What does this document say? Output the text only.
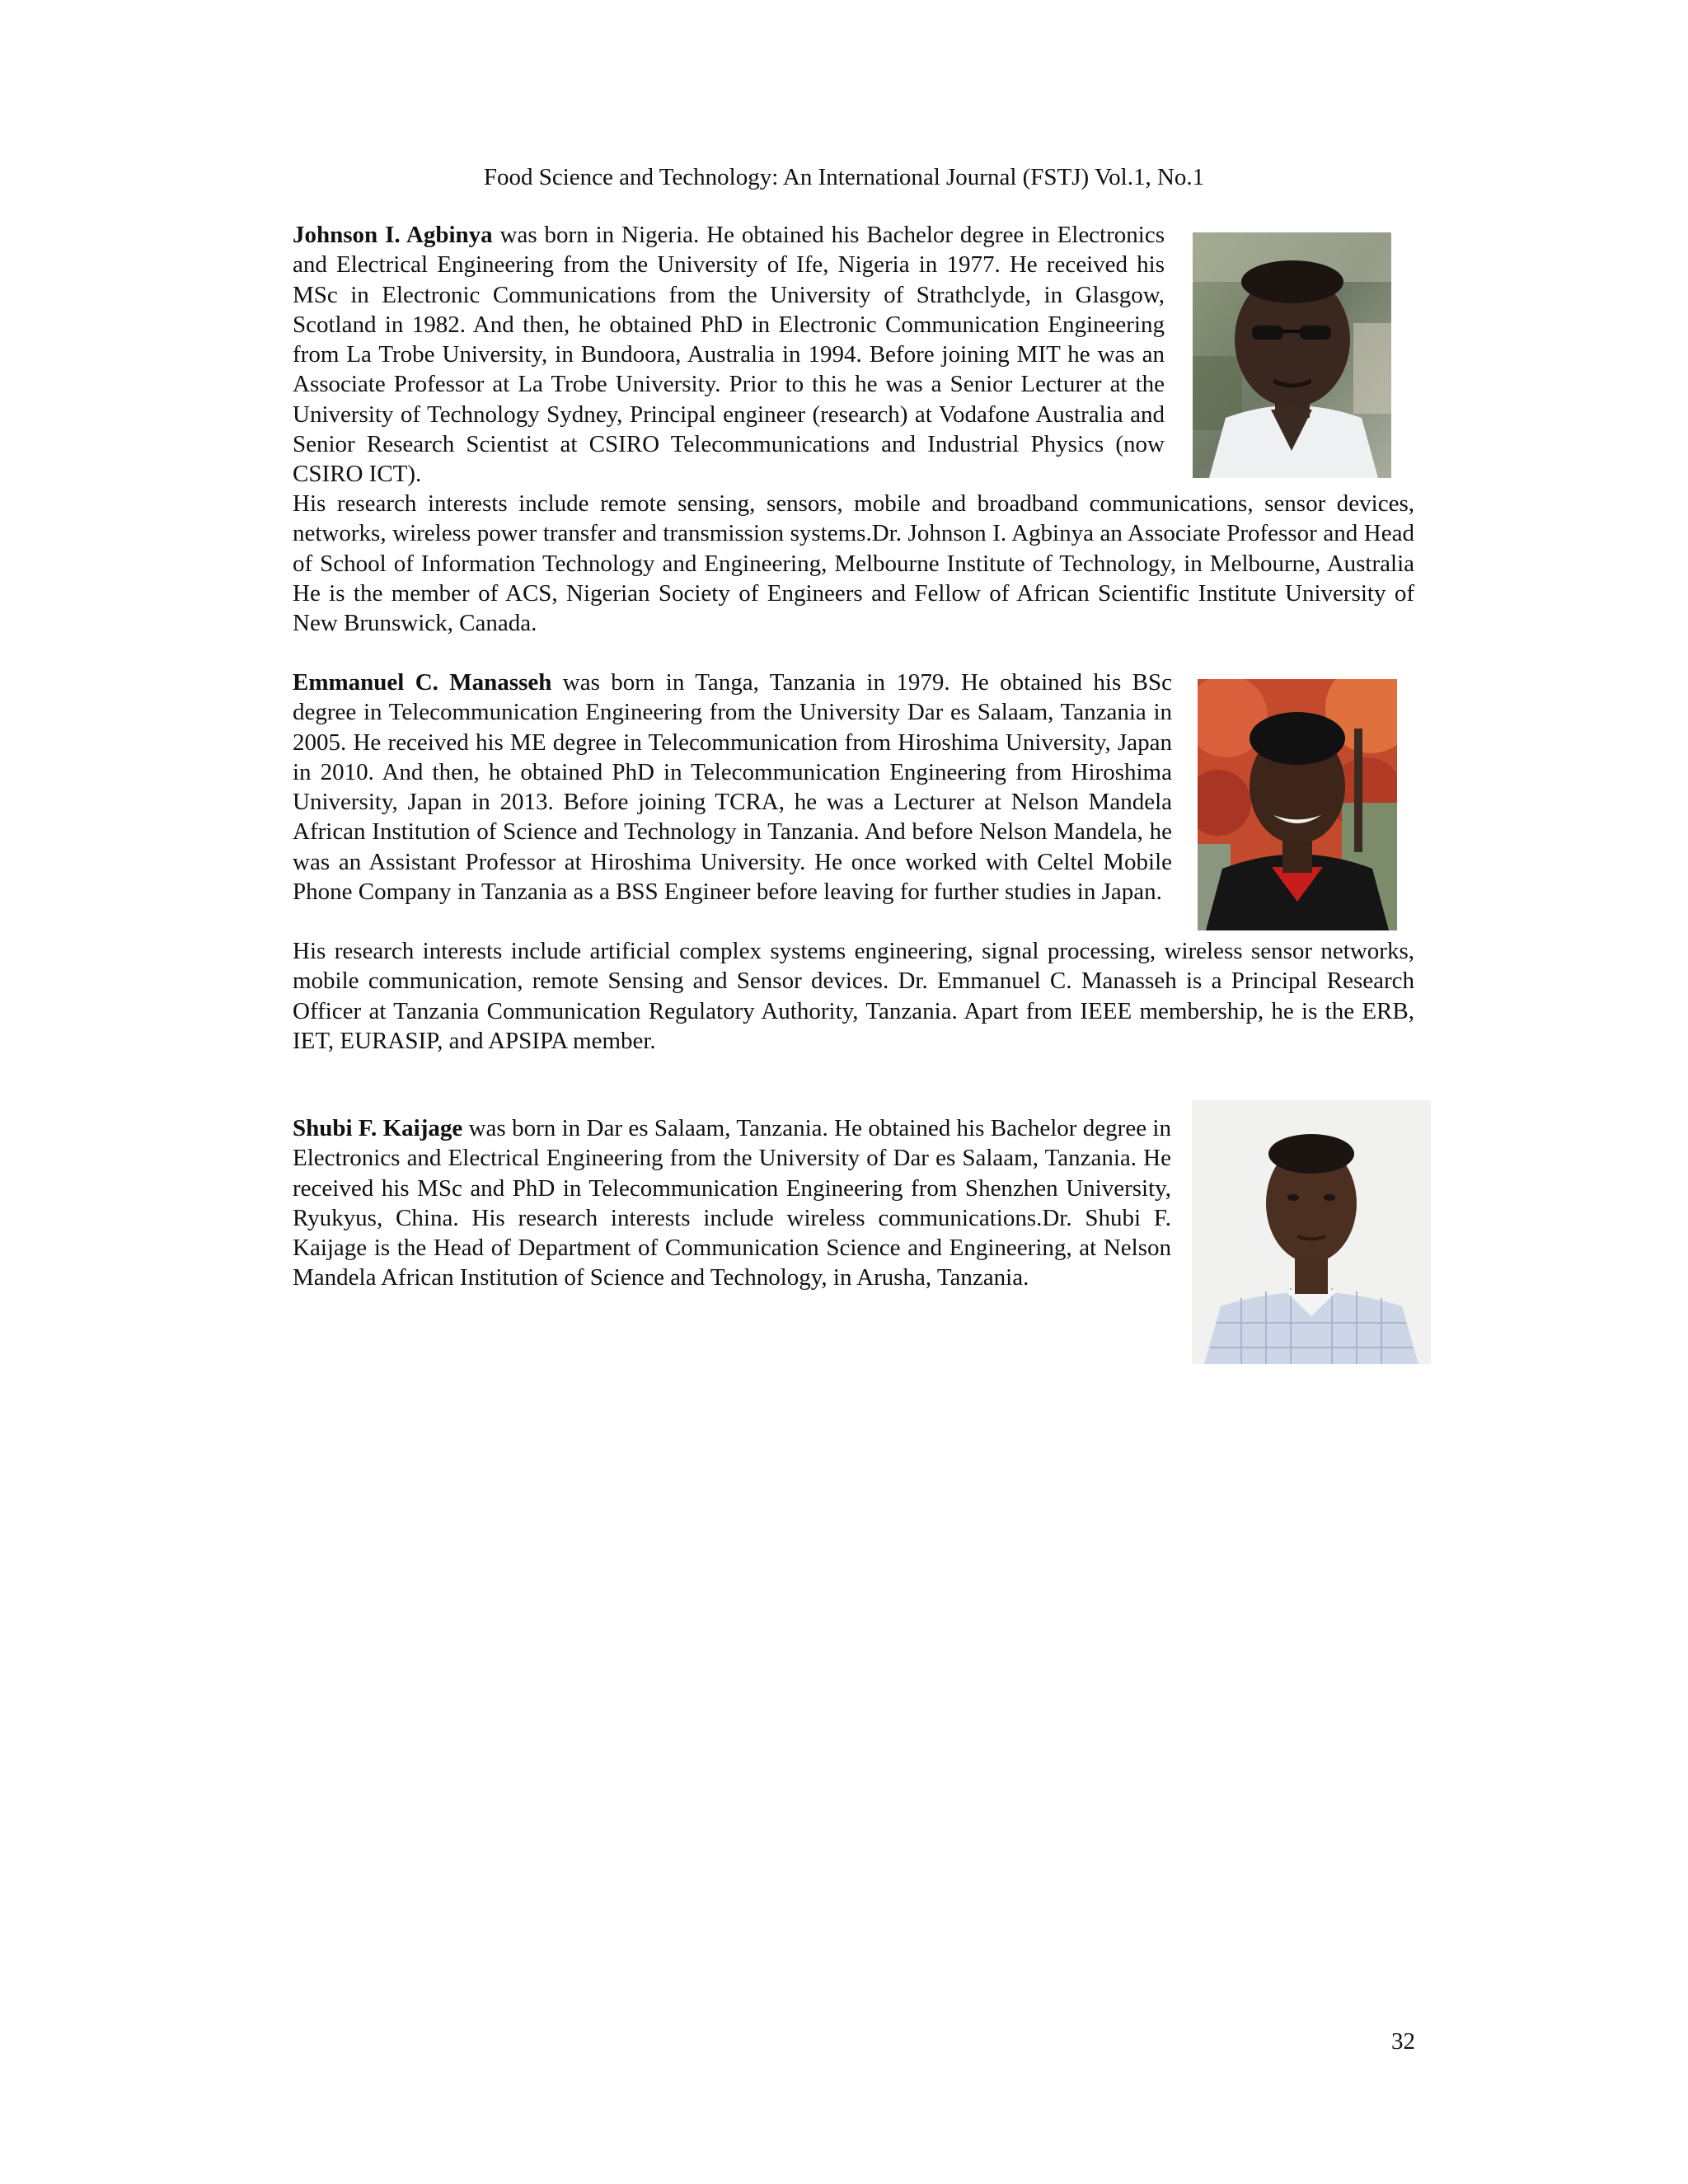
Food Science and Technology: An International Journal (FSTJ) Vol.1, No.1

Johnson I. Agbinya was born in Nigeria. He obtained his Bachelor degree in Electronics and Electrical Engineering from the University of Ife, Nigeria in 1977. He received his MSc in Electronic Communications from the University of Strathclyde, in Glasgow, Scotland in 1982. And then, he obtained PhD in Electronic Communication Engineering from La Trobe University, in Bundoora, Australia in 1994. Before joining MIT he was an Associate Professor at La Trobe University. Prior to this he was a Senior Lecturer at the University of Technology Sydney, Principal engineer (research) at Vodafone Australia and Senior Research Scientist at CSIRO Telecommunications and Industrial Physics (now CSIRO ICT).

His research interests include remote sensing, sensors, mobile and broadband communications, sensor devices, networks, wireless power transfer and transmission systems.Dr. Johnson I. Agbinya an Associate Professor and Head of School of Information Technology and Engineering, Melbourne Institute of Technology, in Melbourne, Australia He is the member of ACS, Nigerian Society of Engineers and Fellow of African Scientific Institute University of New Brunswick, Canada.

Emmanuel C. Manasseh was born in Tanga, Tanzania in 1979. He obtained his BSc degree in Telecommunication Engineering from the University Dar es Salaam, Tanzania in 2005. He received his ME degree in Telecommunication from Hiroshima University, Japan in 2010. And then, he obtained PhD in Telecommunication Engineering from Hiroshima University, Japan in 2013. Before joining TCRA, he was a Lecturer at Nelson Mandela African Institution of Science and Technology in Tanzania. And before Nelson Mandela, he was an Assistant Professor at Hiroshima University. He once worked with Celtel Mobile Phone Company in Tanzania as a BSS Engineer before leaving for further studies in Japan.

His research interests include artificial complex systems engineering, signal processing, wireless sensor networks, mobile communication, remote Sensing and Sensor devices. Dr. Emmanuel C. Manasseh is a Principal Research Officer at Tanzania Communication Regulatory Authority, Tanzania. Apart from IEEE membership, he is the ERB, IET, EURASIP, and APSIPA member.

Shubi F. Kaijage was born in Dar es Salaam, Tanzania. He obtained his Bachelor degree in Electronics and Electrical Engineering from the University of Dar es Salaam, Tanzania. He received his MSc and PhD in Telecommunication Engineering from Shenzhen University, Ryukyus, China. His research interests include wireless communications.Dr. Shubi F. Kaijage is the Head of Department of Communication Science and Engineering, at Nelson Mandela African Institution of Science and Technology, in Arusha, Tanzania.

32
